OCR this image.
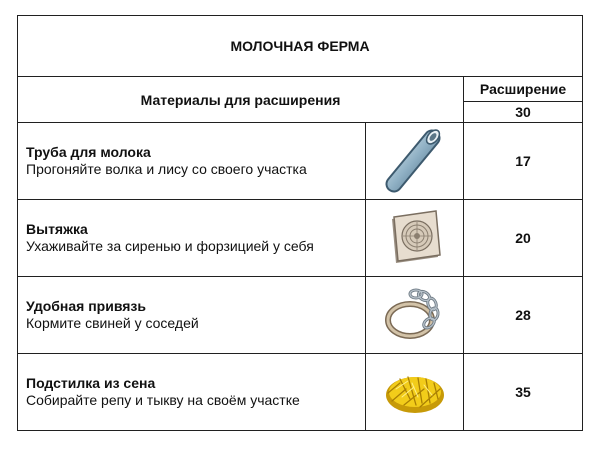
МОЛОЧНАЯ ФЕРМА		
Материалы для расширения		Расширение
		30

Труба для молока
Прогоняйте волка и лису со своего участка		17

Вытяжка
Ухаживайте за сиренью и форзицией у себя		20

Удобная привязь
Кормите свиней у соседей		28

Подстилка из сена
Собирайте репу и тыкву на своём участке		35
